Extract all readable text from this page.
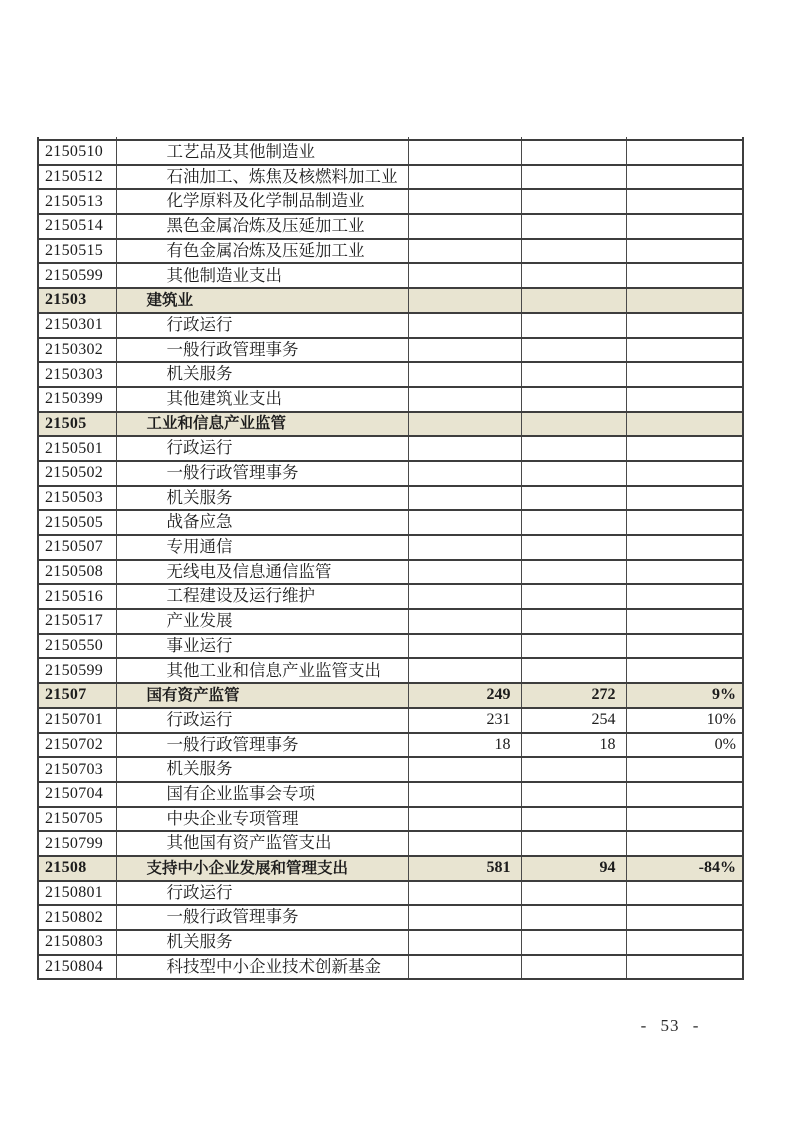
2150510	工艺品及其他制造业			
2150512	石油加工、炼焦及核燃料加工业			
2150513	化学原料及化学制品制造业			
2150514	黑色金属冶炼及压延加工业			
2150515	有色金属冶炼及压延加工业			
2150599	其他制造业支出			
21503	建筑业			
2150301	行政运行			
2150302	一般行政管理事务			
2150303	机关服务			
2150399	其他建筑业支出			
21505	工业和信息产业监管			
2150501	行政运行			
2150502	一般行政管理事务			
2150503	机关服务			
2150505	战备应急			
2150507	专用通信			
2150508	无线电及信息通信监管			
2150516	工程建设及运行维护			
2150517	产业发展			
2150550	事业运行			
2150599	其他工业和信息产业监管支出			
21507	国有资产监管	249	272	9%
2150701	行政运行	231	254	10%
2150702	一般行政管理事务	18	18	0%
2150703	机关服务			
2150704	国有企业监事会专项			
2150705	中央企业专项管理			
2150799	其他国有资产监管支出			
21508	支持中小企业发展和管理支出	581	94	-84%
2150801	行政运行			
2150802	一般行政管理事务			
2150803	机关服务			
2150804	科技型中小企业技术创新基金			
- 53 -
